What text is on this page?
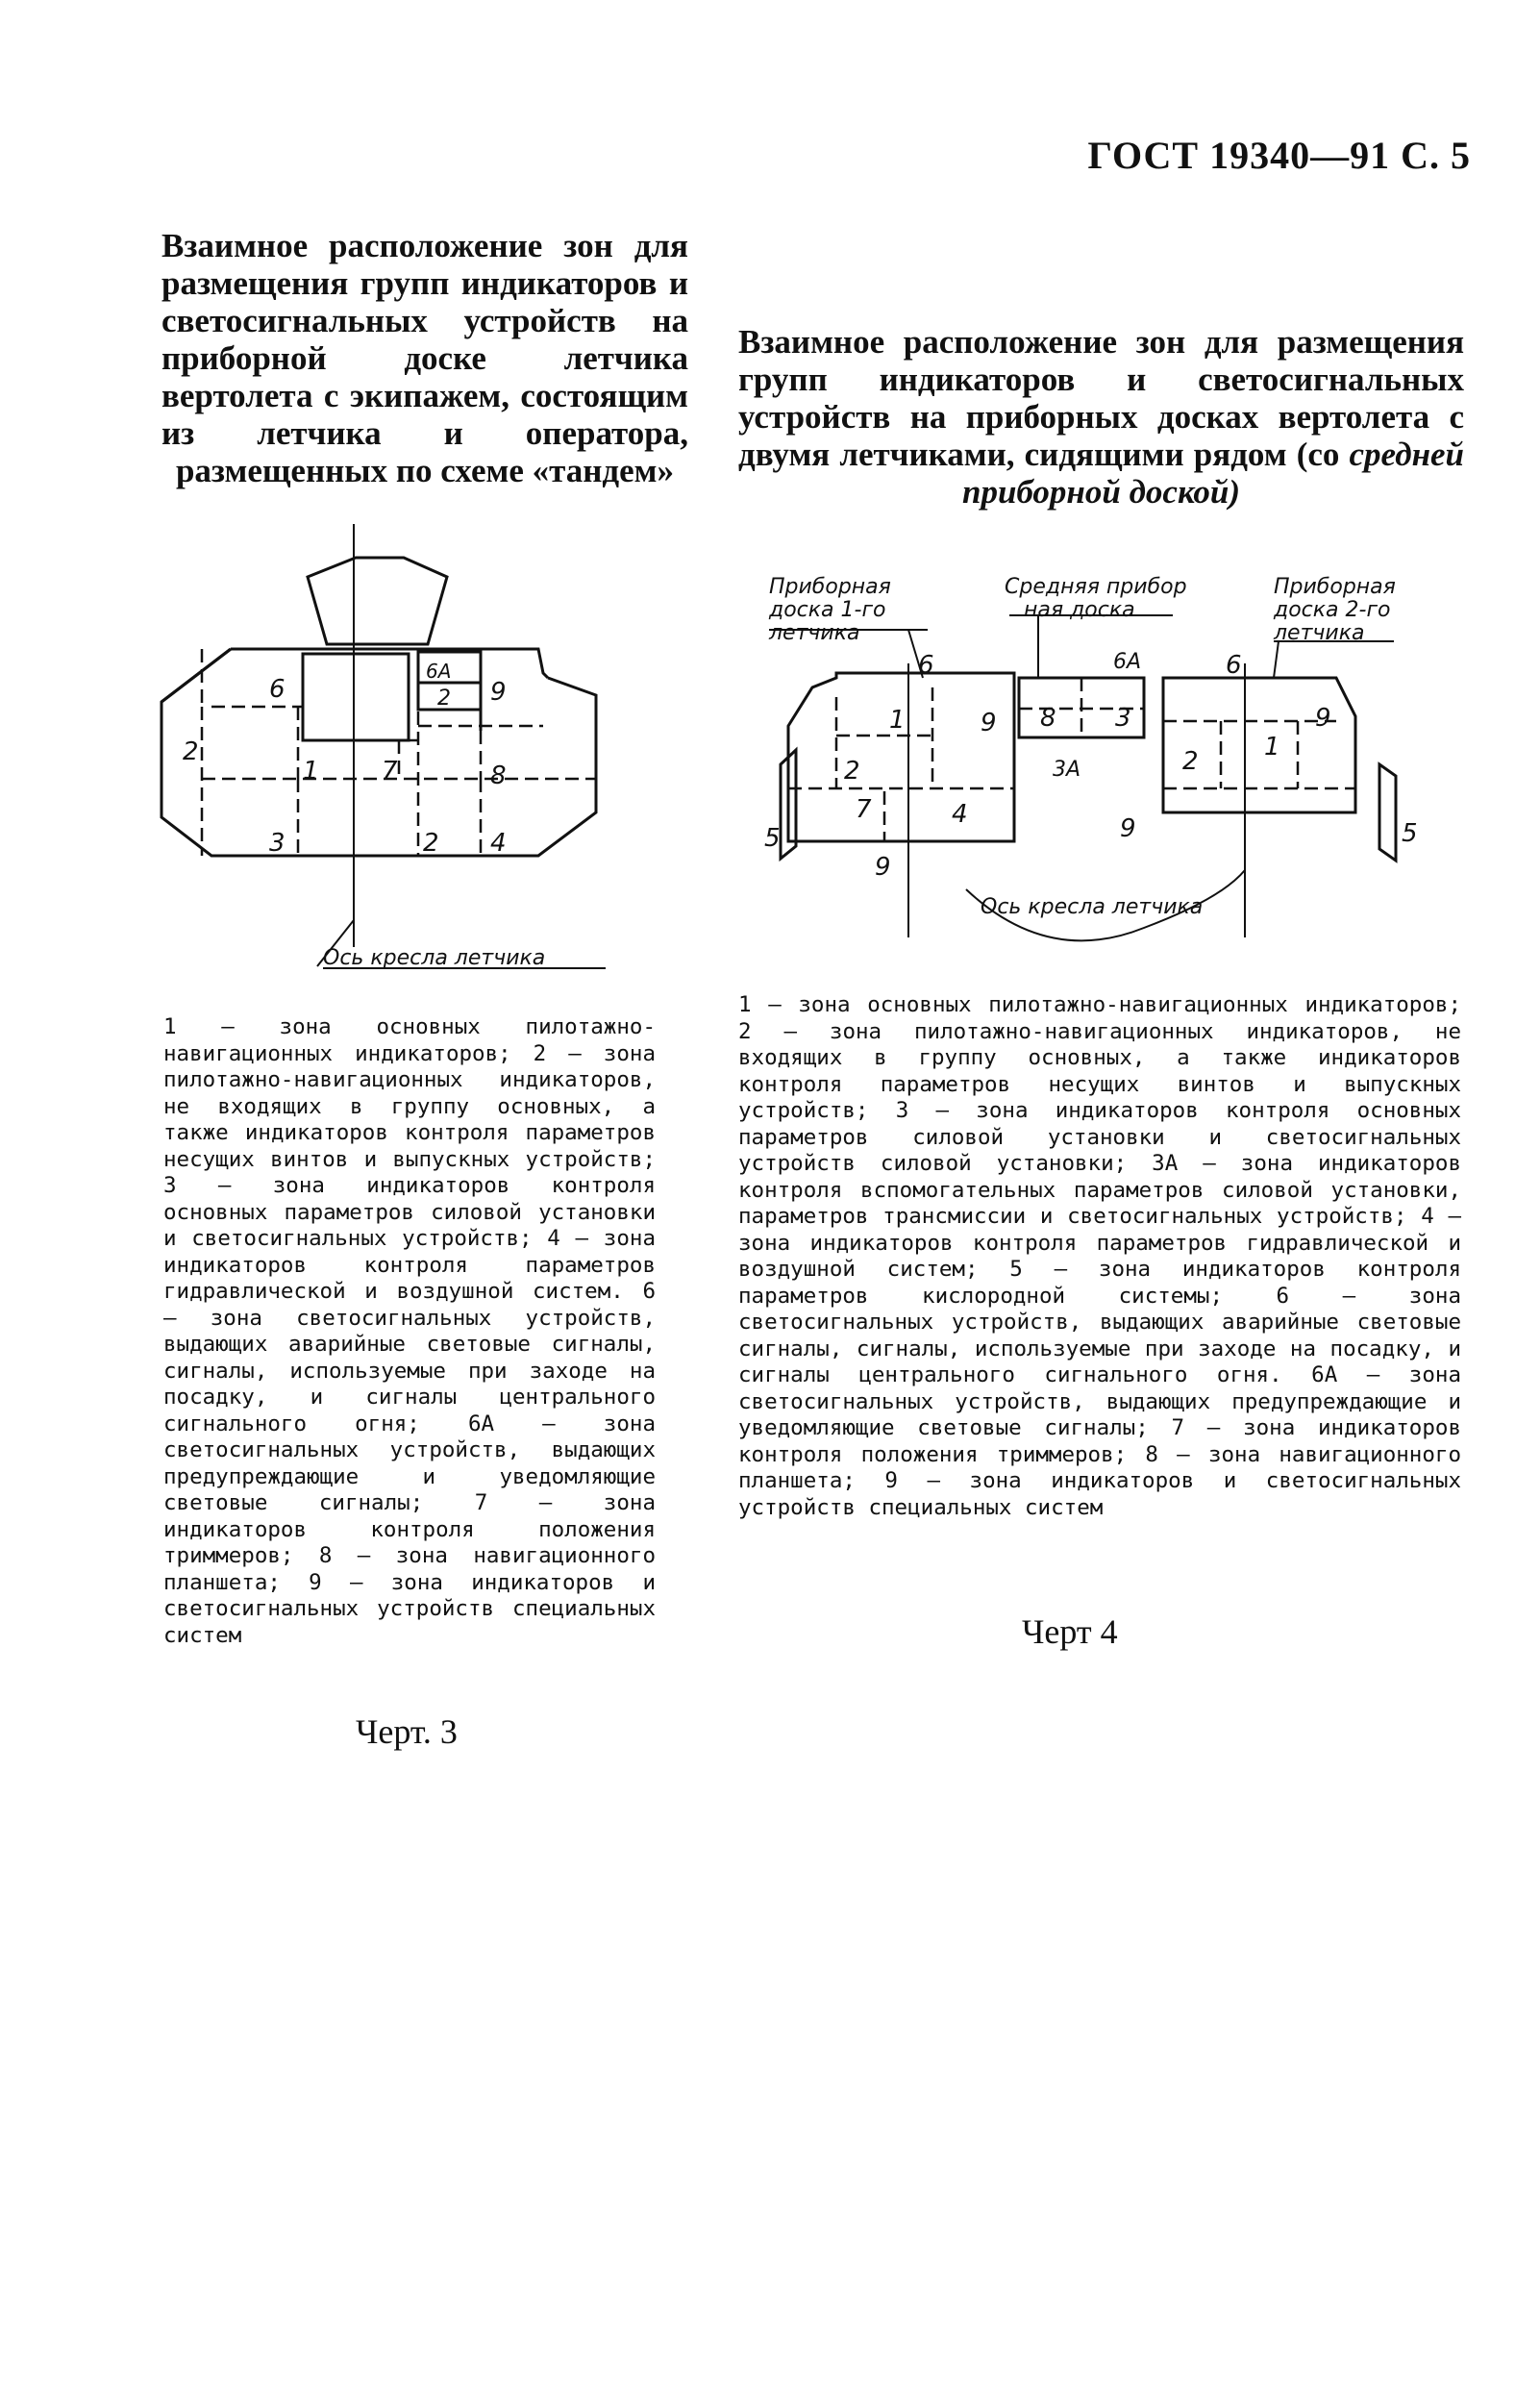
ГОСТ 19340—91 С. 5
Взаимное расположение зон для размещения групп индикаторов и светосигнальных устройств на приборной доске летчика вертолета с экипажем, состоящим из летчика и оператора, размещенных по схеме «тандем»
Взаимное расположение зон для размещения групп индикаторов и светосигнальных устройств на приборных досках вертолета с двумя летчиками, сидящими рядом (со средней приборной доской)
6
6А
2 9
2
1	7	8
3	2 4
Ось кресла летчика
Приборная доска 1-го летчика
Средняя прибор ная доска
Приборная доска 2-го летчика
6
1	9
2
7	4
5
9
8 3
6А
3А
6
2	1
9
9	5
Ось кресла летчика
1 — зона основных пилотажно-навигационных индикаторов; 2 — зона пилотажно-навигационных индикаторов, не входящих в группу основных, а также индикаторов контроля параметров несущих винтов и выпускных устройств; 3 — зона индикаторов контроля основных параметров силовой установки и светосигнальных устройств; 4 — зона индикаторов контроля параметров гидравлической и воздушной систем. 6 — зона светосигнальных устройств, выдающих аварийные световые сигналы, сигналы, используемые при заходе на посадку, и сигналы центрального сигнального огня; 6А — зона светосигнальных устройств, выдающих предупреждающие и уведомляющие световые сигналы; 7 — зона индикаторов контроля положения триммеров; 8 — зона навигационного планшета; 9 — зона индикаторов и светосигнальных устройств специальных систем
1 — зона основных пилотажно-навигационных индикаторов; 2 — зона пилотажно-навигационных индикаторов, не входящих в группу основных, а также индикаторов контроля параметров несущих винтов и выпускных устройств; 3 — зона индикаторов контроля основных параметров силовой установки и светосигнальных устройств силовой установки; 3А — зона индикаторов контроля вспомогательных параметров силовой установки, параметров трансмиссии и светосигнальных устройств; 4 — зона индикаторов контроля параметров гидравлической и воздушной систем; 5 — зона индикаторов контроля параметров кислородной системы; 6 — зона светосигнальных устройств, выдающих аварийные световые сигналы, сигналы, используемые при заходе на посадку, и сигналы центрального сигнального огня. 6А — зона светосигнальных устройств, выдающих предупреждающие и уведомляющие световые сигналы; 7 — зона индикаторов контроля положения триммеров; 8 — зона навигационного планшета; 9 — зона индикаторов и светосигнальных устройств специальных систем
Черт. 3
Черт 4
